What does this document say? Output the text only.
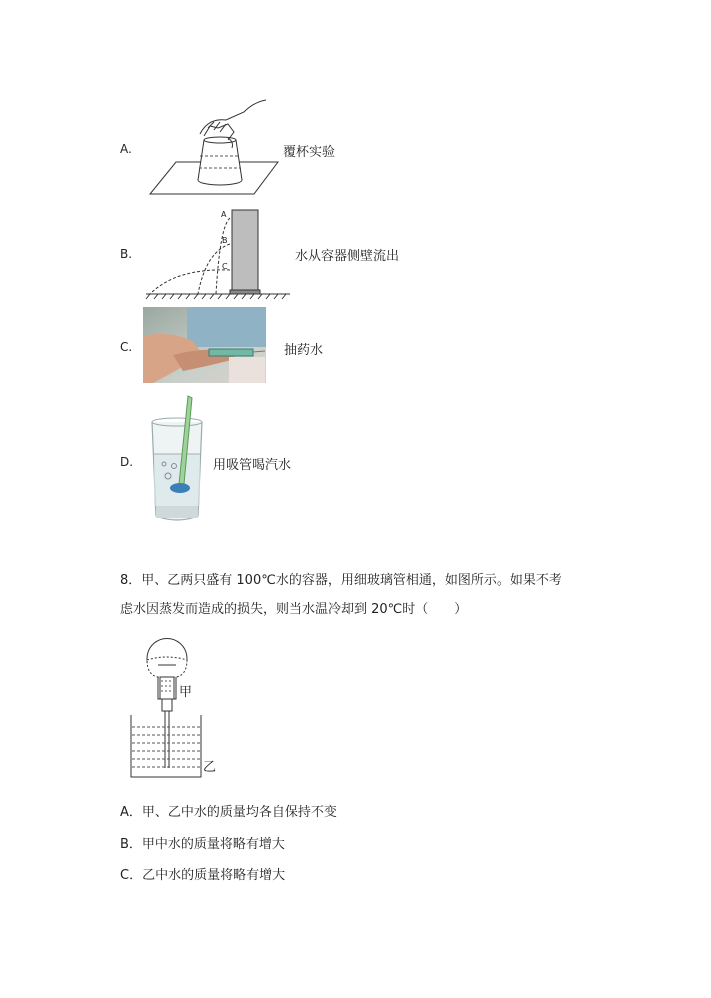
A.	覆杯实验
B.
A
B
C
水从容器侧壁流出
C.	抽药水
D.	用吸管喝汽水
8．甲、乙两只盛有 100℃水的容器，用细玻璃管相通，如图所示。如果不考
虑水因蒸发而造成的损失，则当水温冷却到 20℃时（　　）
甲
乙
A．甲、乙中水的质量均各自保持不变
B．甲中水的质量将略有增大
C．乙中水的质量将略有增大
